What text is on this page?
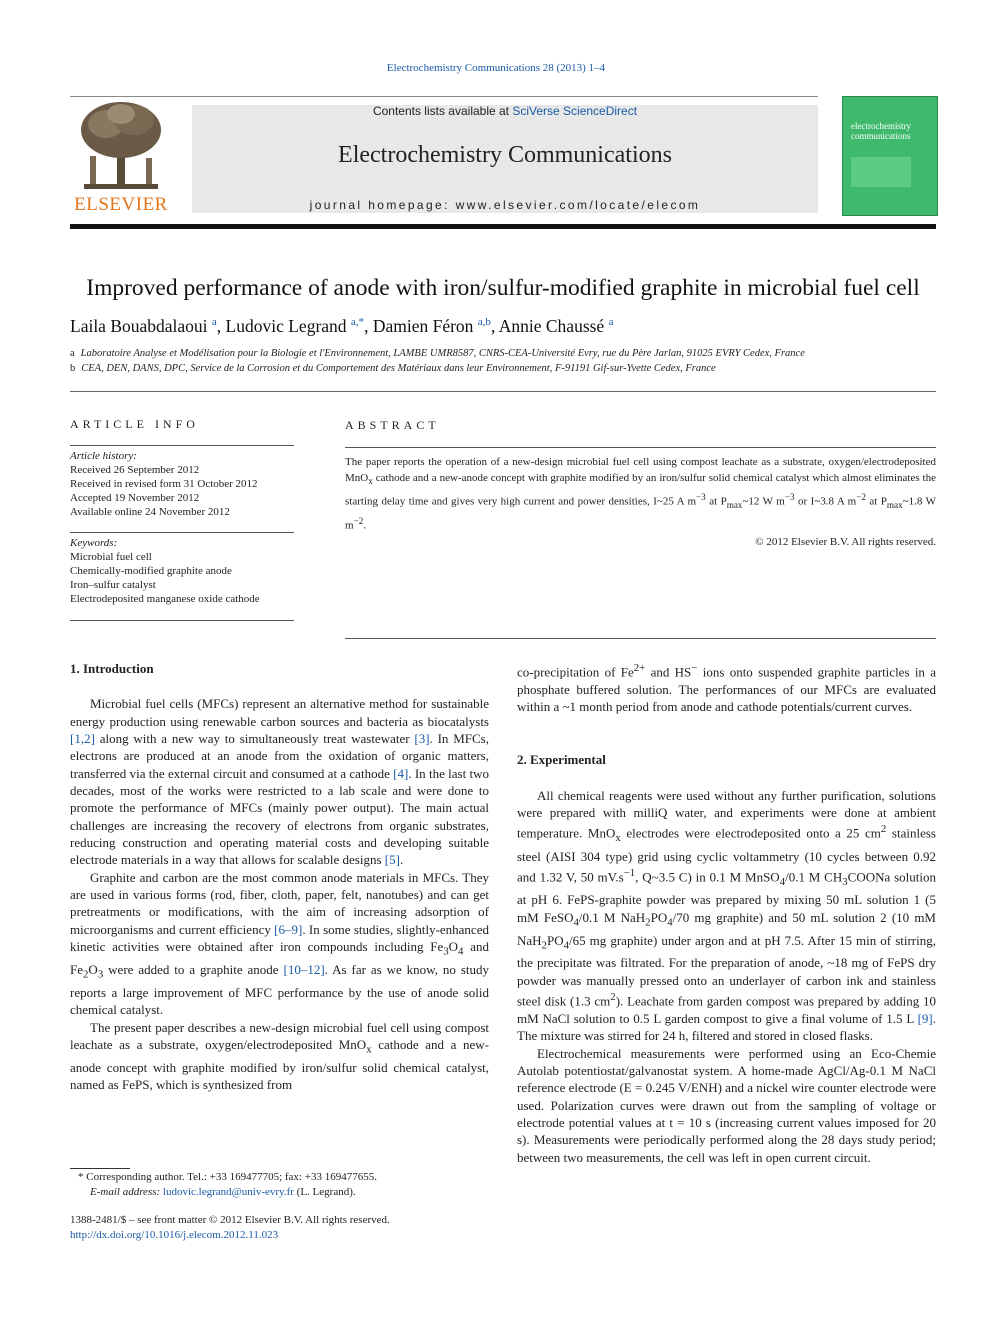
Electrochemistry Communications 28 (2013) 1–4
ELSEVIER
Contents lists available at SciVerse ScienceDirect
Electrochemistry Communications
journal homepage: www.elsevier.com/locate/elecom
electrochemistry communications
Improved performance of anode with iron/sulfur-modified graphite in microbial fuel cell
Laila Bouabdalaoui $^a$, Ludovic Legrand $^{a,*}$, Damien Féron $^{a,b}$, Annie Chaussé $^a$
a Laboratoire Analyse et Modélisation pour la Biologie et l'Environnement, LAMBE UMR8587, CNRS-CEA-Université Evry, rue du Père Jarlan, 91025 EVRY Cedex, France
b CEA, DEN, DANS, DPC, Service de la Corrosion et du Comportement des Matériaux dans leur Environnement, F-91191 Gif-sur-Yvette Cedex, France
ARTICLE INFO
Article history:
Received 26 September 2012
Received in revised form 31 October 2012
Accepted 19 November 2012
Available online 24 November 2012
Keywords:
Microbial fuel cell
Chemically-modified graphite anode
Iron–sulfur catalyst
Electrodeposited manganese oxide cathode
ABSTRACT
The paper reports the operation of a new-design microbial fuel cell using compost leachate as a substrate, oxygen/electrodeposited MnO$_x$ cathode and a new-anode concept with graphite modified by an iron/sulfur solid chemical catalyst which almost eliminates the starting delay time and gives very high current and power densities, I~25 A $m^{-3}$ at $P_{max}\sim 12$ W $m^{-3}$ or I~3.8 A $m^{-2}$ at $P_{max}\sim 1.8$ W $m^{-2}$.
© 2012 Elsevier B.V. All rights reserved.
1. Introduction

Microbial fuel cells (MFCs) represent an alternative method for sustainable energy production using renewable carbon sources and bacteria as biocatalysts [1,2] along with a new way to simultaneously treat wastewater [3]. In MFCs, electrons are produced at an anode from the oxidation of organic matters, transferred via the external circuit and consumed at a cathode [4]. In the last two decades, most of the works were restricted to a lab scale and were done to promote the performance of MFCs (mainly power output). The main actual challenges are increasing the recovery of electrons from organic substrates, reducing construction and operating material costs and developing suitable electrode materials in a way that allows for scalable designs [5].

Graphite and carbon are the most common anode materials in MFCs. They are used in various forms (rod, fiber, cloth, paper, felt, nanotubes) and can get pretreatments or modifications, with the aim of increasing adsorption of microorganisms and current efficiency [6–9]. In some studies, slightly-enhanced kinetic activities were obtained after iron compounds including $Fe_3O_4$ and $Fe_2O_3$ were added to a graphite anode [10–12]. As far as we know, no study reports a large improvement of MFC performance by the use of anode solid chemical catalyst.

The present paper describes a new-design microbial fuel cell using compost leachate as a substrate, oxygen/electrodeposited MnO$_x$ cathode and a new-anode concept with graphite modified by iron/sulfur solid chemical catalyst, named as FePS, which is synthesized from

co-precipitation of $Fe^{2+}$ and HS− ions onto suspended graphite particles in a phosphate buffered solution. The performances of our MFCs are evaluated within a ~1 month period from anode and cathode potentials/current curves.

2. Experimental

All chemical reagents were used without any further purification, solutions were prepared with milliQ water, and experiments were done at ambient temperature. MnO$_x$ electrodes were electrodeposited onto a 25 $cm^2$ stainless steel (AISI 304 type) grid using cyclic voltammetry (10 cycles between 0.92 and 1.32 V, 50 $mV.s^{-1}$, Q~3.5 C) in 0.1 M MnSO$_4$/0.1 M $CH_3COONa$ solution at pH 6. FePS-graphite powder was prepared by mixing 50 mL solution 1 (5 mM FeSO$_4$/0.1 M $NaH_2PO_4/70$ mg graphite) and 50 mL solution 2 (10 mM $NaH_2PO_4/65$ mg graphite) under argon and at pH 7.5. After 15 min of stirring, the precipitate was filtrated. For the preparation of anode, ~18 mg of FePS dry powder was manually pressed onto an underlayer of carbon ink and stainless steel disk (1.3 $cm^2$). Leachate from garden compost was prepared by adding 10 mM NaCl solution to 0.5 L garden compost to give a final volume of 1.5 L [9]. The mixture was stirred for 24 h, filtered and stored in closed flasks.

Electrochemical measurements were performed using an Eco-Chemie Autolab potentiostat/galvanostat system. A home-made AgCl/Ag-0.1 M NaCl reference electrode (E = 0.245 V/ENH) and a nickel wire counter electrode were used. Polarization curves were drawn out from the sampling of voltage or electrode potential values at t = 10 s (increasing current values imposed for 20 s). Measurements were periodically performed along the 28 days study period; between two measurements, the cell was left in open current circuit.

* Corresponding author. Tel.: +33 169477705; fax: +33 169477655.
E-mail address: ludovic.legrand@univ-evry.fr (L. Legrand).
1388-2481/$ – see front matter © 2012 Elsevier B.V. All rights reserved.
http://dx.doi.org/10.1016/j.elecom.2012.11.023
